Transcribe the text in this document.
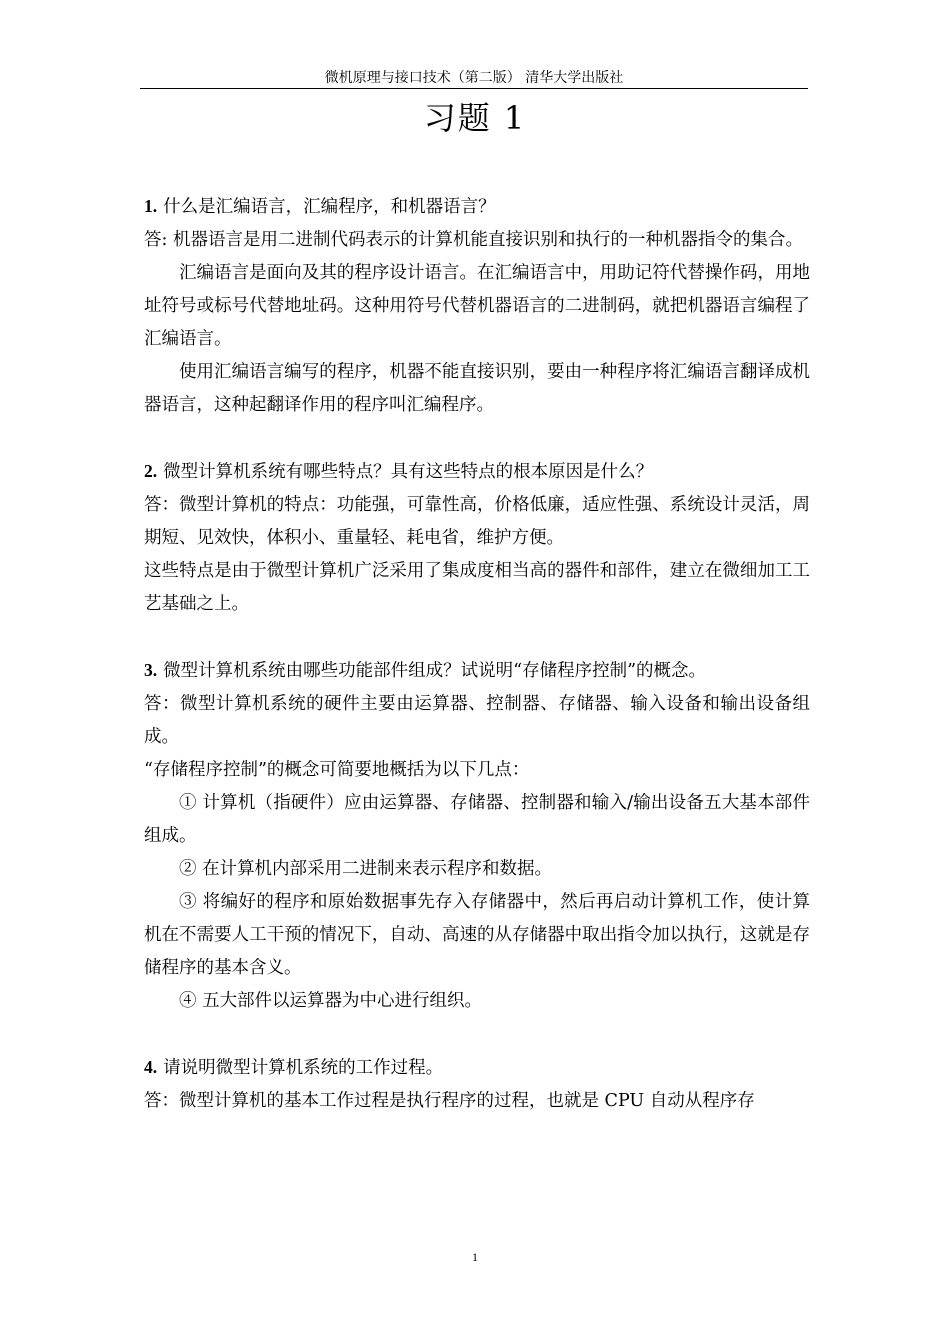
微机原理与接口技术（第二版） 清华大学出版社
习题 1

1. 什么是汇编语言，汇编程序，和机器语言？

答: 机器语言是用二进制代码表示的计算机能直接识别和执行的一种机器指令的集合。

汇编语言是面向及其的程序设计语言。在汇编语言中，用助记符代替操作码，用地址符号或标号代替地址码。这种用符号代替机器语言的二进制码，就把机器语言编程了汇编语言。

使用汇编语言编写的程序，机器不能直接识别，要由一种程序将汇编语言翻译成机器语言，这种起翻译作用的程序叫汇编程序。

2. 微型计算机系统有哪些特点？具有这些特点的根本原因是什么？

答：微型计算机的特点：功能强，可靠性高，价格低廉，适应性强、系统设计灵活，周期短、见效快，体积小、重量轻、耗电省，维护方便。

这些特点是由于微型计算机广泛采用了集成度相当高的器件和部件，建立在微细加工工艺基础之上。

3. 微型计算机系统由哪些功能部件组成？试说明“存储程序控制”的概念。

答：微型计算机系统的硬件主要由运算器、控制器、存储器、输入设备和输出设备组成。

“存储程序控制”的概念可简要地概括为以下几点：

① 计算机（指硬件）应由运算器、存储器、控制器和输入/输出设备五大基本部件组成。

② 在计算机内部采用二进制来表示程序和数据。

③ 将编好的程序和原始数据事先存入存储器中，然后再启动计算机工作，使计算机在不需要人工干预的情况下，自动、高速的从存储器中取出指令加以执行，这就是存储程序的基本含义。

④ 五大部件以运算器为中心进行组织。

4. 请说明微型计算机系统的工作过程。

答：微型计算机的基本工作过程是执行程序的过程，也就是 CPU 自动从程序存

1
